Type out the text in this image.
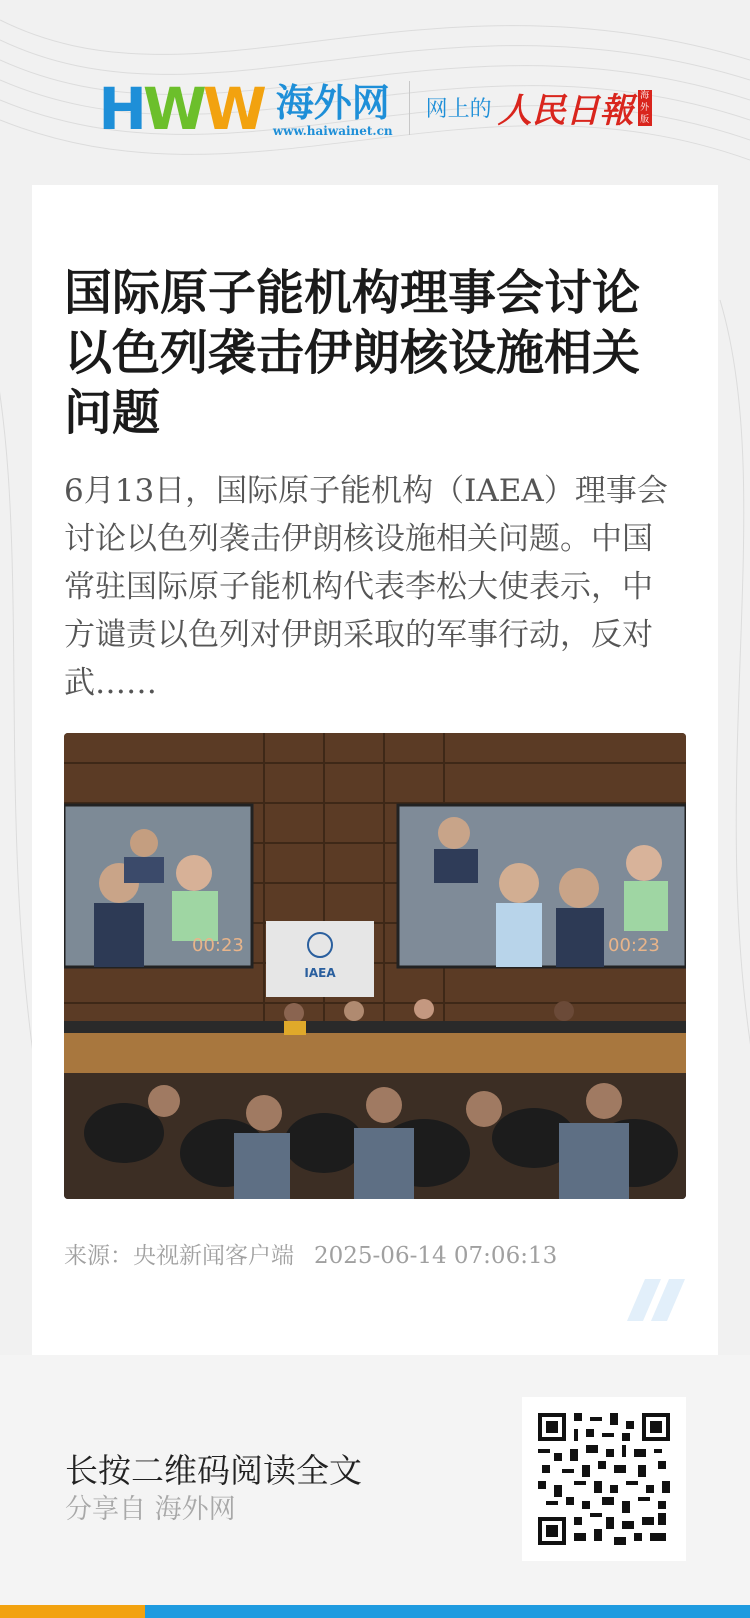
HWW 海外网
www.haiwainet.cn
网上的 人民日報 海
外
版
国际原子能机构理事会讨论以色列袭击伊朗核设施相关问题
6月13日，国际原子能机构（IAEA）理事会讨论以色列袭击伊朗核设施相关问题。中国常驻国际原子能机构代表李松大使表示，中方谴责以色列对伊朗采取的军事行动，反对武……
00:23	00:23
IAEA
来源：央视新闻客户端 2025-06-14 07:06:13
长按二维码阅读全文
分享自 海外网
